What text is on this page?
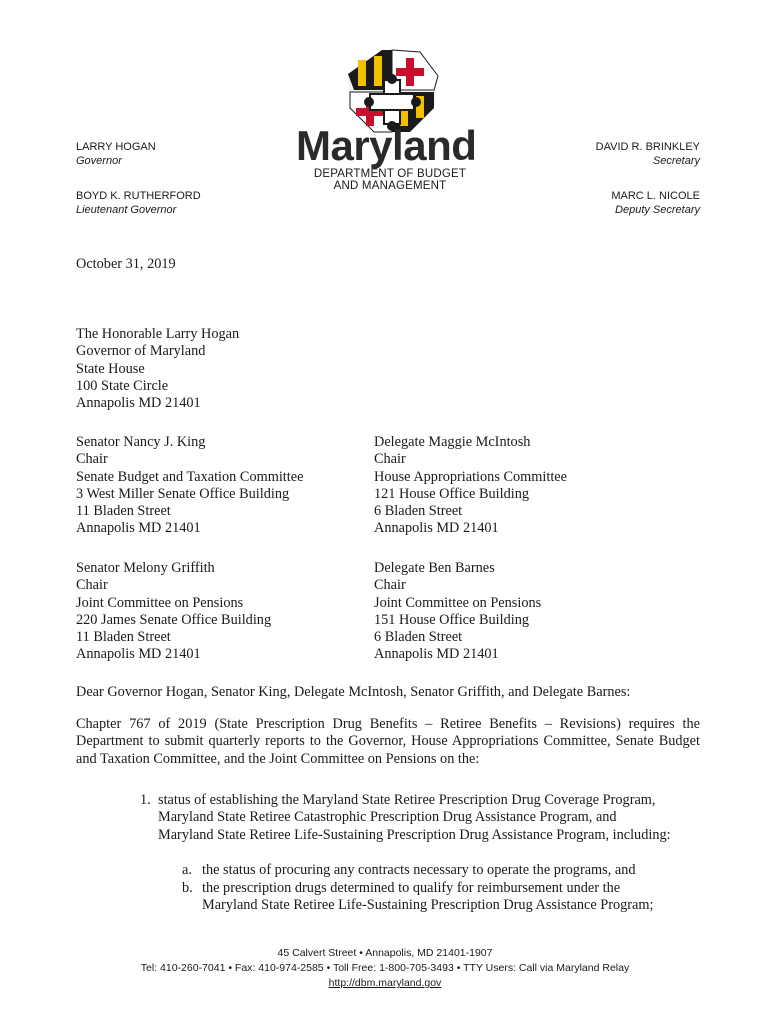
LARRY HOGAN
Governor
BOYD K. RUTHERFORD
Lieutenant Governor
DAVID R. BRINKLEY
Secretary
MARC L. NICOLE
Deputy Secretary
Maryland
DEPARTMENT OF BUDGET
AND MANAGEMENT
October 31, 2019
The Honorable Larry Hogan
Governor of Maryland
State House
100 State Circle
Annapolis MD 21401
Senator Nancy J. King
Chair
Senate Budget and Taxation Committee
3 West Miller Senate Office Building
11 Bladen Street
Annapolis MD 21401
Delegate Maggie McIntosh
Chair
House Appropriations Committee
121 House Office Building
6 Bladen Street
Annapolis MD 21401
Senator Melony Griffith
Chair
Joint Committee on Pensions
220 James Senate Office Building
11 Bladen Street
Annapolis MD 21401
Delegate Ben Barnes
Chair
Joint Committee on Pensions
151 House Office Building
6 Bladen Street
Annapolis MD 21401
Dear Governor Hogan, Senator King, Delegate McIntosh, Senator Griffith, and Delegate Barnes:
Chapter 767 of 2019 (State Prescription Drug Benefits – Retiree Benefits – Revisions) requires the Department to submit quarterly reports to the Governor, House Appropriations Committee, Senate Budget and Taxation Committee, and the Joint Committee on Pensions on the:
1. status of establishing the Maryland State Retiree Prescription Drug Coverage Program,
Maryland State Retiree Catastrophic Prescription Drug Assistance Program, and
Maryland State Retiree Life-Sustaining Prescription Drug Assistance Program, including:
a. the status of procuring any contracts necessary to operate the programs, and
b. the prescription drugs determined to qualify for reimbursement under the
Maryland State Retiree Life-Sustaining Prescription Drug Assistance Program;
45 Calvert Street • Annapolis, MD 21401-1907
Tel: 410-260-7041 • Fax: 410-974-2585 • Toll Free: 1-800-705-3493 • TTY Users: Call via Maryland Relay
http://dbm.maryland.gov
